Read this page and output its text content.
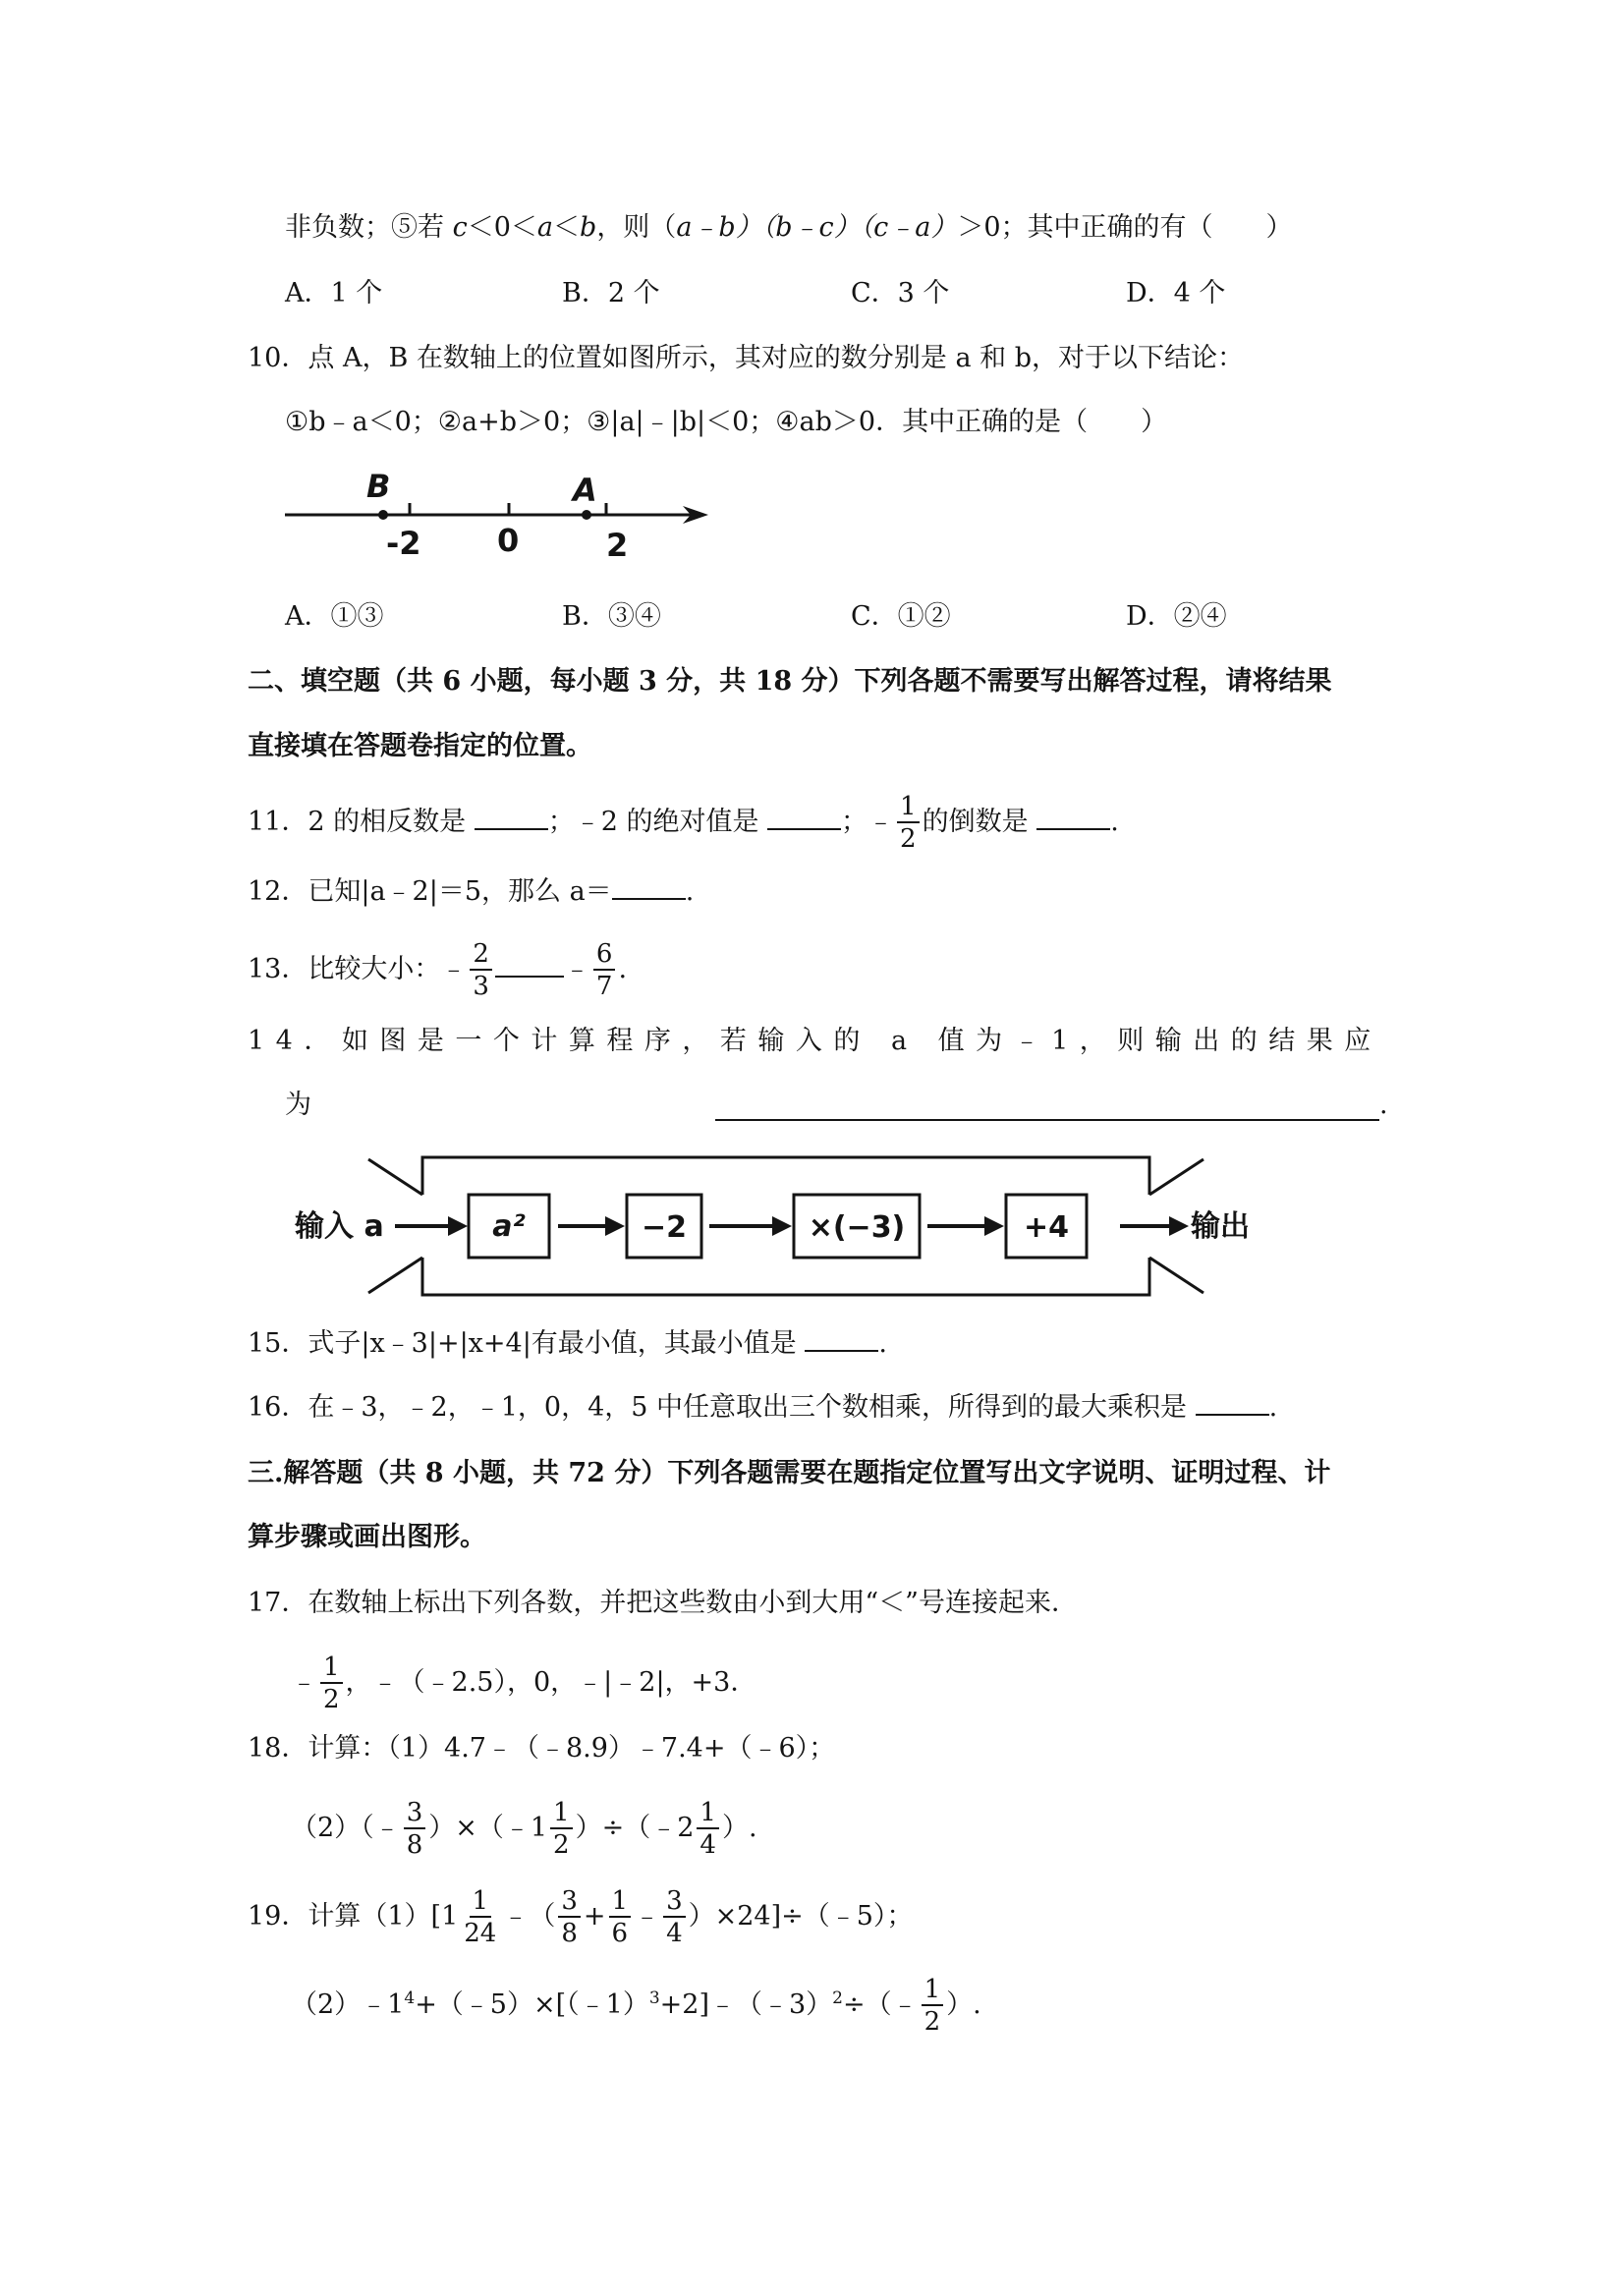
非负数；⑤若 c＜0＜a＜b，则（a﹣b）（b﹣c）（c﹣a）＞0；其中正确的有（　　）
A．1 个	B．2 个	C．3 个	D．4 个
10．点 A，B 在数轴上的位置如图所示，其对应的数分别是 a 和 b，对于以下结论：
①b﹣a＜0；②a+b＞0；③|a|﹣|b|＜0；④ab＞0．其中正确的是（　　）
B	A
-2 0	2
A．①③	B．③④	C．①②	D．②④
二、填空题（共 6 小题，每小题 3 分，共 18 分）下列各题不需要写出解答过程，请将结果
直接填在答题卷指定的位置。
11．2 的相反数是	；﹣2 的绝对值是	；﹣ $\frac{1}{2}$ 的倒数是	.
12．已知|a﹣2|＝5，那么 a＝	.
13．比较大小：﹣ $\frac{2}{3}$	﹣ $\frac{6}{7}$ .
14．如图是一个计算程序，若输入的 a 值为﹣1，则输出的结果应
为	.
输入 a	a²	−2	×(−3)	+4	输出
15．式子|x﹣3|+|x+4|有最小值，其最小值是	.
16．在﹣3，﹣2，﹣1，0，4，5 中任意取出三个数相乘，所得到的最大乘积是	.
三.解答题（共 8 小题，共 72 分）下列各题需要在题指定位置写出文字说明、证明过程、计
算步骤或画出图形。
17．在数轴上标出下列各数，并把这些数由小到大用“＜”号连接起来．
﹣ $\frac{1}{2}$ ，﹣（﹣2.5），0，﹣|﹣2|，+3．
18．计算：（1）4.7﹣（﹣8.9）﹣7.4+（﹣6）；
（2）（﹣ $\frac{3}{8}$ ）×（﹣1 $\frac{1}{2}$ ）÷（﹣2 $\frac{1}{4}$ ）.
19．计算$(1)[1 \frac{1}{24}$ ﹣（ $\frac{3}{8} + \frac{1}{6}$ ﹣ $\frac{3}{4}$ ）×24]÷（﹣5）；
$(2)﹣1^4+(﹣5)\times[(﹣1)^3+2]﹣(﹣3)^2\div(﹣ \frac{1}{2}$ ）.
